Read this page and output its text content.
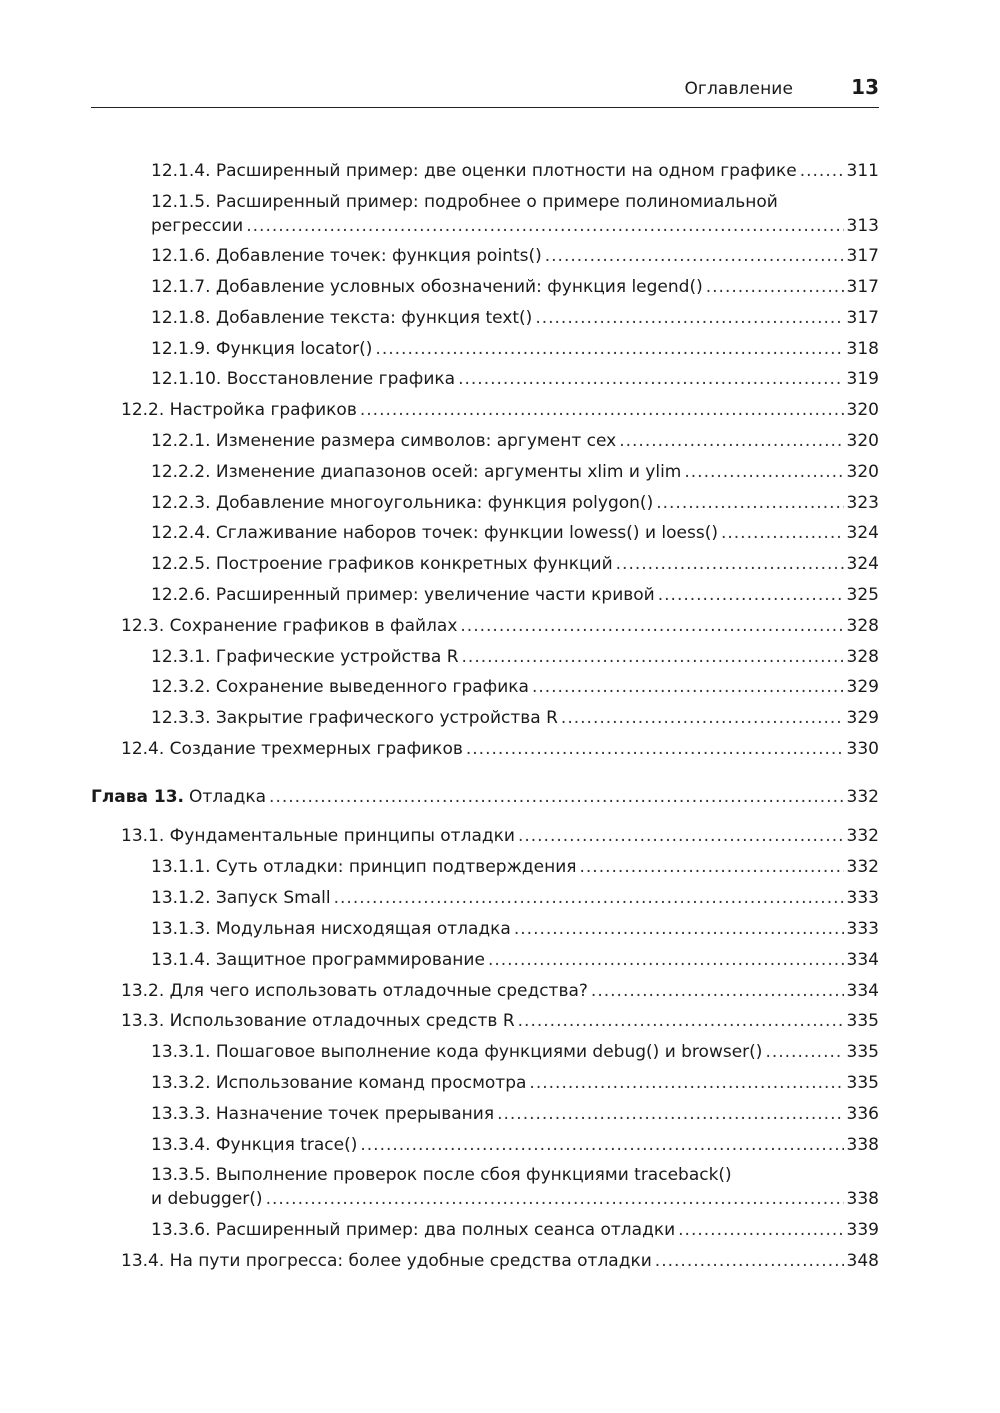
Оглавление	13
12.1.4. Расширенный пример: две оценки плотности на одном графике .....	311
12.1.5. Расширенный пример: подробнее о примере полиномиальной
регрессии .....	313
12.1.6. Добавление точек: функция points() .....	317
12.1.7. Добавление условных обозначений: функция legend() .....	317
12.1.8. Добавление текста: функция text() .....	317
12.1.9. Функция locator() .....	318
12.1.10. Восстановление графика .....	319
12.2. Настройка графиков .....	320
12.2.1. Изменение размера символов: аргумент cex .....	320
12.2.2. Изменение диапазонов осей: аргументы xlim и ylim .....	320
12.2.3. Добавление многоугольника: функция polygon() .....	323
12.2.4. Сглаживание наборов точек: функции lowess() и loess() .....	324
12.2.5. Построение графиков конкретных функций .....	324
12.2.6. Расширенный пример: увеличение части кривой .....	325
12.3. Сохранение графиков в файлах .....	328
12.3.1. Графические устройства R .....	328
12.3.2. Сохранение выведенного графика .....	329
12.3.3. Закрытие графического устройства R .....	329
12.4. Создание трехмерных графиков .....	330
Глава 13. Отладка .....	332
13.1. Фундаментальные принципы отладки .....	332
13.1.1. Суть отладки: принцип подтверждения .....	332
13.1.2. Запуск Small .....	333
13.1.3. Модульная нисходящая отладка .....	333
13.1.4. Защитное программирование .....	334
13.2. Для чего использовать отладочные средства? .....	334
13.3. Использование отладочных средств R .....	335
13.3.1. Пошаговое выполнение кода функциями debug() и browser() .....	335
13.3.2. Использование команд просмотра .....	335
13.3.3. Назначение точек прерывания .....	336
13.3.4. Функция trace() .....	338
13.3.5. Выполнение проверок после сбоя функциями traceback()
и debugger() .....	338
13.3.6. Расширенный пример: два полных сеанса отладки .....	339
13.4. На пути прогресса: более удобные средства отладки .....	348
